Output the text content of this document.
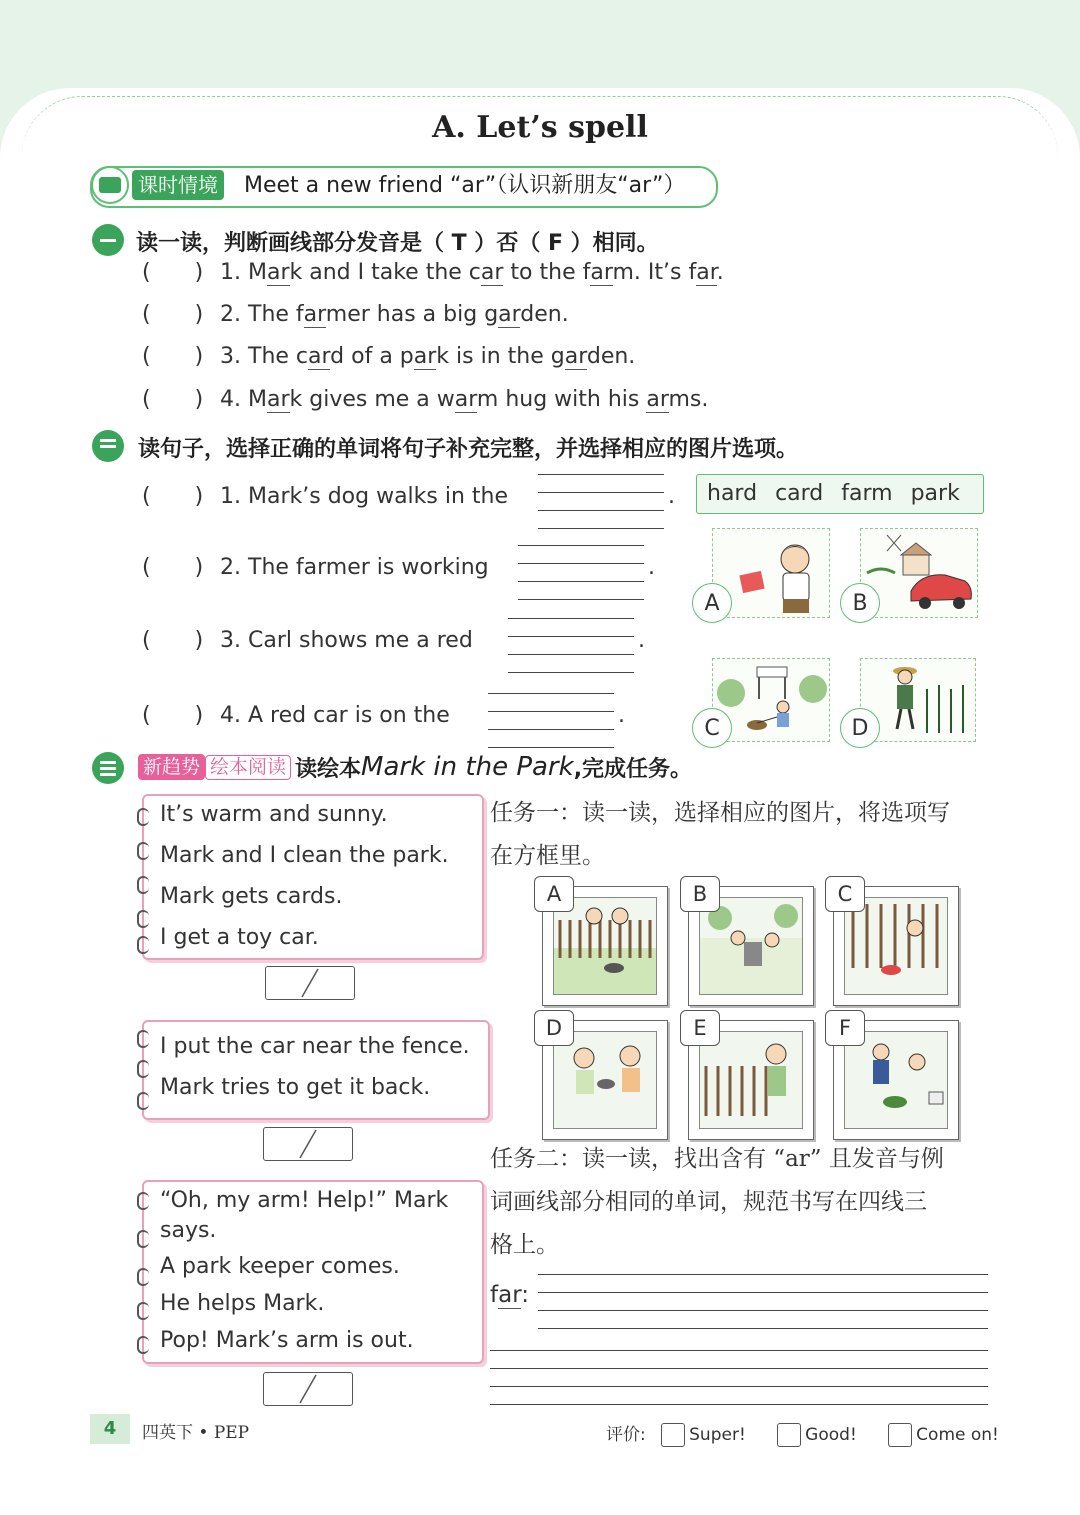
A. Let’s spell
课时情境 Meet a new friend “ar”（认识新朋友“ar”）
读一读，判断画线部分发音是（ T ）否（ F ）相同。
(  ) 1. Mark and I take the car to the farm. It’s far.
(  ) 2. The farmer has a big garden.
(  ) 3. The card of a park is in the garden.
(  ) 4. Mark gives me a warm hug with his arms.
读句子，选择正确的单词将句子补充完整，并选择相应的图片选项。
(  ) 1. Mark’s dog walks in the	.
(  ) 2. The farmer is working	.
(  ) 3. Carl shows me a red	.
(  ) 4. A red car is on the	.
hard card farm park
A	B
C	D
新趋势 绘本阅读 读绘本 Mark in the Park ,完成任务。
It’s warm and sunny.
Mark and I clean the park.
Mark gets cards.
I get a toy car.
I put the car near the fence.
Mark tries to get it back.
“Oh, my arm! Help!” Mark
says.
A park keeper comes.
He helps Mark.
Pop! Mark’s arm is out.
任务一：读一读，选择相应的图片，将选项写
在方框里。
A	B	C
D	E	F
任务二：读一读，找出含有 “ar” 且发音与例
词画线部分相同的单词，规范书写在四线三
格上。
far:
4	四英下 • PEP	评价:	Super!	Good!	Come on!
